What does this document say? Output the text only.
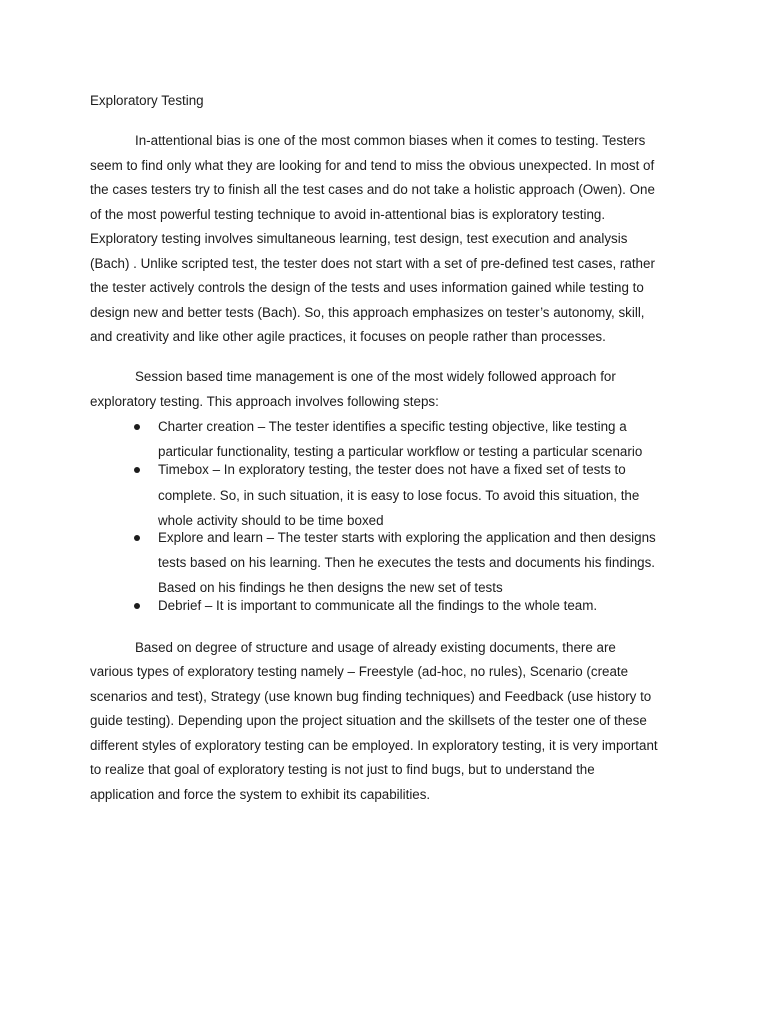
Exploratory Testing
In-attentional bias is one of the most common biases when it comes to testing. Testers
seem to find only what they are looking for and tend to miss the obvious unexpected. In most of
the cases testers try to finish all the test cases and do not take a holistic approach (Owen). One
of the most powerful testing technique to avoid in-attentional bias is exploratory testing.
Exploratory testing involves simultaneous learning, test design, test execution and analysis
(Bach) . Unlike scripted test, the tester does not start with a set of pre-defined test cases, rather
the tester actively controls the design of the tests and uses information gained while testing to
design new and better tests (Bach). So, this approach emphasizes on tester’s autonomy, skill,
and creativity and like other agile practices, it focuses on people rather than processes.
Session based time management is one of the most widely followed approach for
exploratory testing. This approach involves following steps:
Charter creation – The tester identifies a specific testing objective, like testing a
particular functionality, testing a particular workflow or testing a particular scenario
Timebox – In exploratory testing, the tester does not have a fixed set of tests to
complete. So, in such situation, it is easy to lose focus. To avoid this situation, the
whole activity should to be time boxed
Explore and learn – The tester starts with exploring the application and then designs
tests based on his learning. Then he executes the tests and documents his findings.
Based on his findings he then designs the new set of tests
Debrief – It is important to communicate all the findings to the whole team.
Based on degree of structure and usage of already existing documents, there are
various types of exploratory testing namely – Freestyle (ad-hoc, no rules), Scenario (create
scenarios and test), Strategy (use known bug finding techniques) and Feedback (use history to
guide testing). Depending upon the project situation and the skillsets of the tester one of these
different styles of exploratory testing can be employed. In exploratory testing, it is very important
to realize that goal of exploratory testing is not just to find bugs, but to understand the
application and force the system to exhibit its capabilities.
